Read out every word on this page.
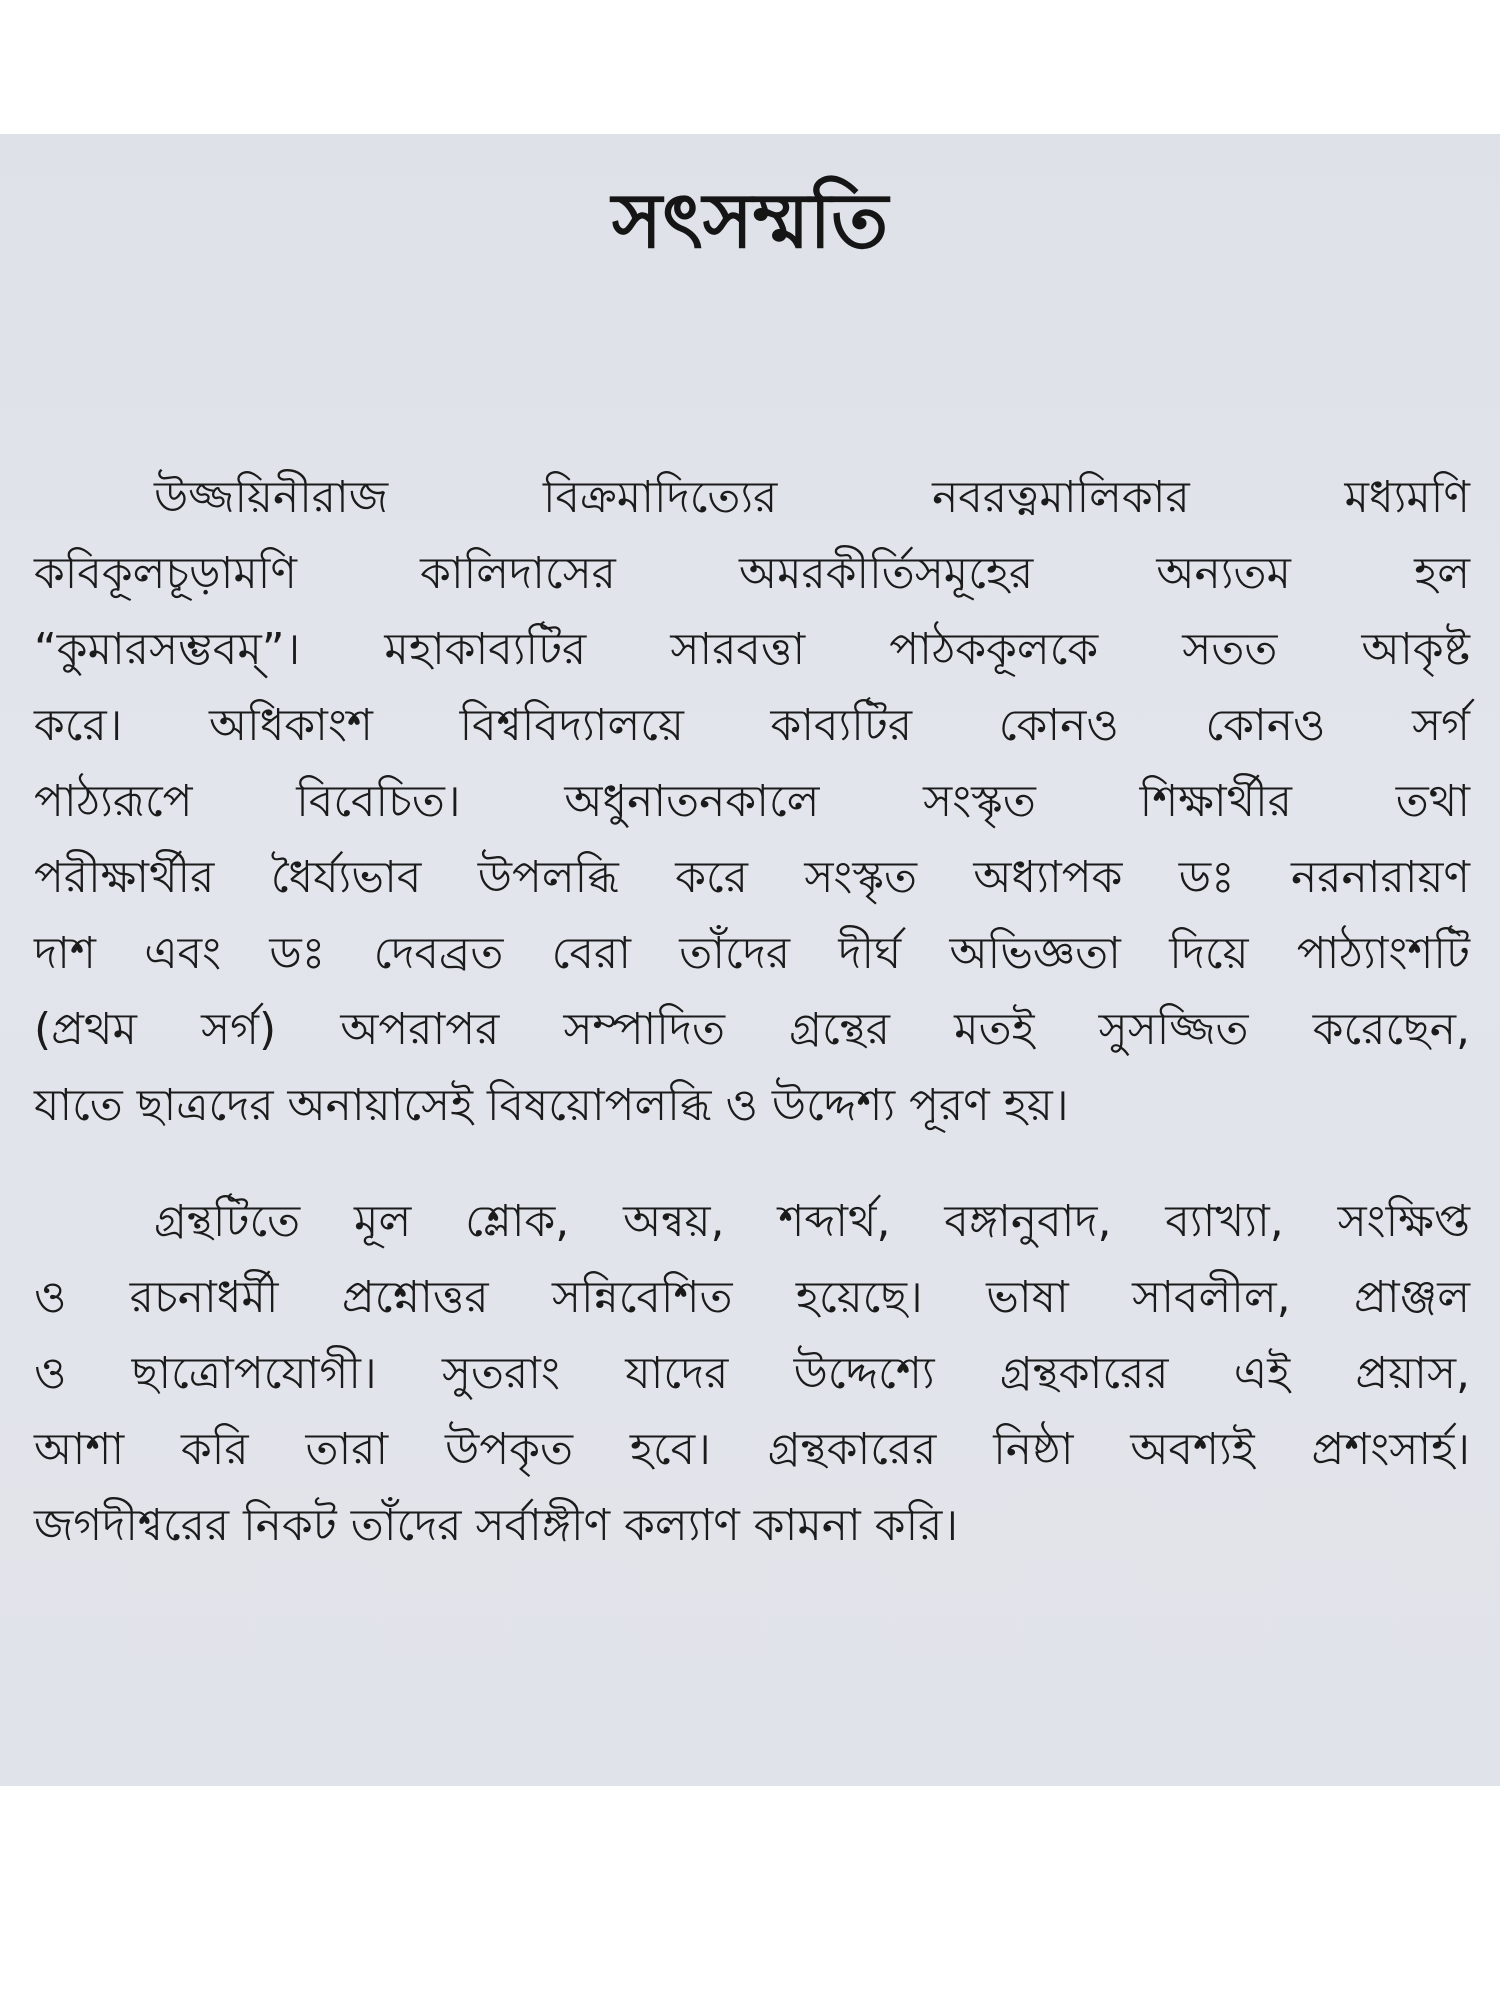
সৎসম্মতি
উজ্জয়িনীরাজ বিক্রমাদিত্যের নবরত্নমালিকার মধ্যমণি
কবিকূলচূড়ামণি কালিদাসের অমরকীর্তিসমূহের অন্যতম হল
“কুমারসম্ভবম্”। মহাকাব্যটির সারবত্তা পাঠককূলকে সতত আকৃষ্ট
করে। অধিকাংশ বিশ্ববিদ্যালয়ে কাব্যটির কোনও কোনও সর্গ
পাঠ্যরূপে বিবেচিত। অধুনাতনকালে সংস্কৃত শিক্ষার্থীর তথা
পরীক্ষার্থীর ধৈর্য্যভাব উপলব্ধি করে সংস্কৃত অধ্যাপক ডঃ নরনারায়ণ
দাশ এবং ডঃ দেবব্রত বেরা তাঁদের দীর্ঘ অভিজ্ঞতা দিয়ে পাঠ্যাংশটি
(প্রথম সর্গ) অপরাপর সম্পাদিত গ্রন্থের মতই সুসজ্জিত করেছেন,
যাতে ছাত্রদের অনায়াসেই বিষয়োপলব্ধি ও উদ্দেশ্য পূরণ হয়।
গ্রন্থটিতে মূল শ্লোক, অন্বয়, শব্দার্থ, বঙ্গানুবাদ, ব্যাখ্যা, সংক্ষিপ্ত
ও রচনাধর্মী প্রশ্নোত্তর সন্নিবেশিত হয়েছে। ভাষা সাবলীল, প্রাঞ্জল
ও ছাত্রোপযোগী। সুতরাং যাদের উদ্দেশ্যে গ্রন্থকারের এই প্রয়াস,
আশা করি তারা উপকৃত হবে। গ্রন্থকারের নিষ্ঠা অবশ্যই প্রশংসার্হ।
জগদীশ্বরের নিকট তাঁদের সর্বাঙ্গীণ কল্যাণ কামনা করি।
